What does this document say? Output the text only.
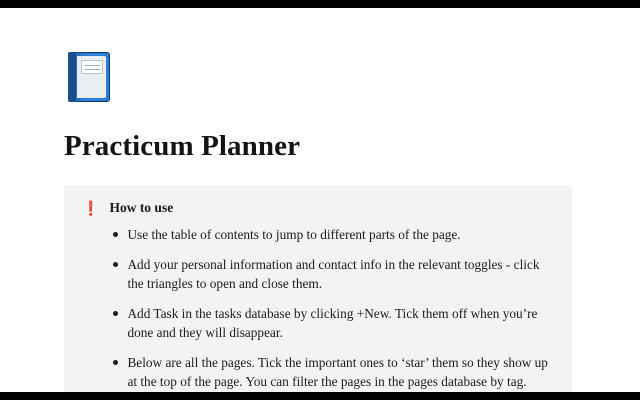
Practicum Planner
❗ How to use
Use the table of contents to jump to different parts of the page.
Add your personal information and contact info in the relevant toggles - click the triangles to open and close them.
Add Task in the tasks database by clicking +New. Tick them off when you’re done and they will disappear.
Below are all the pages. Tick the important ones to ‘star’ them so they show up at the top of the page. You can filter the pages in the pages database by tag.
